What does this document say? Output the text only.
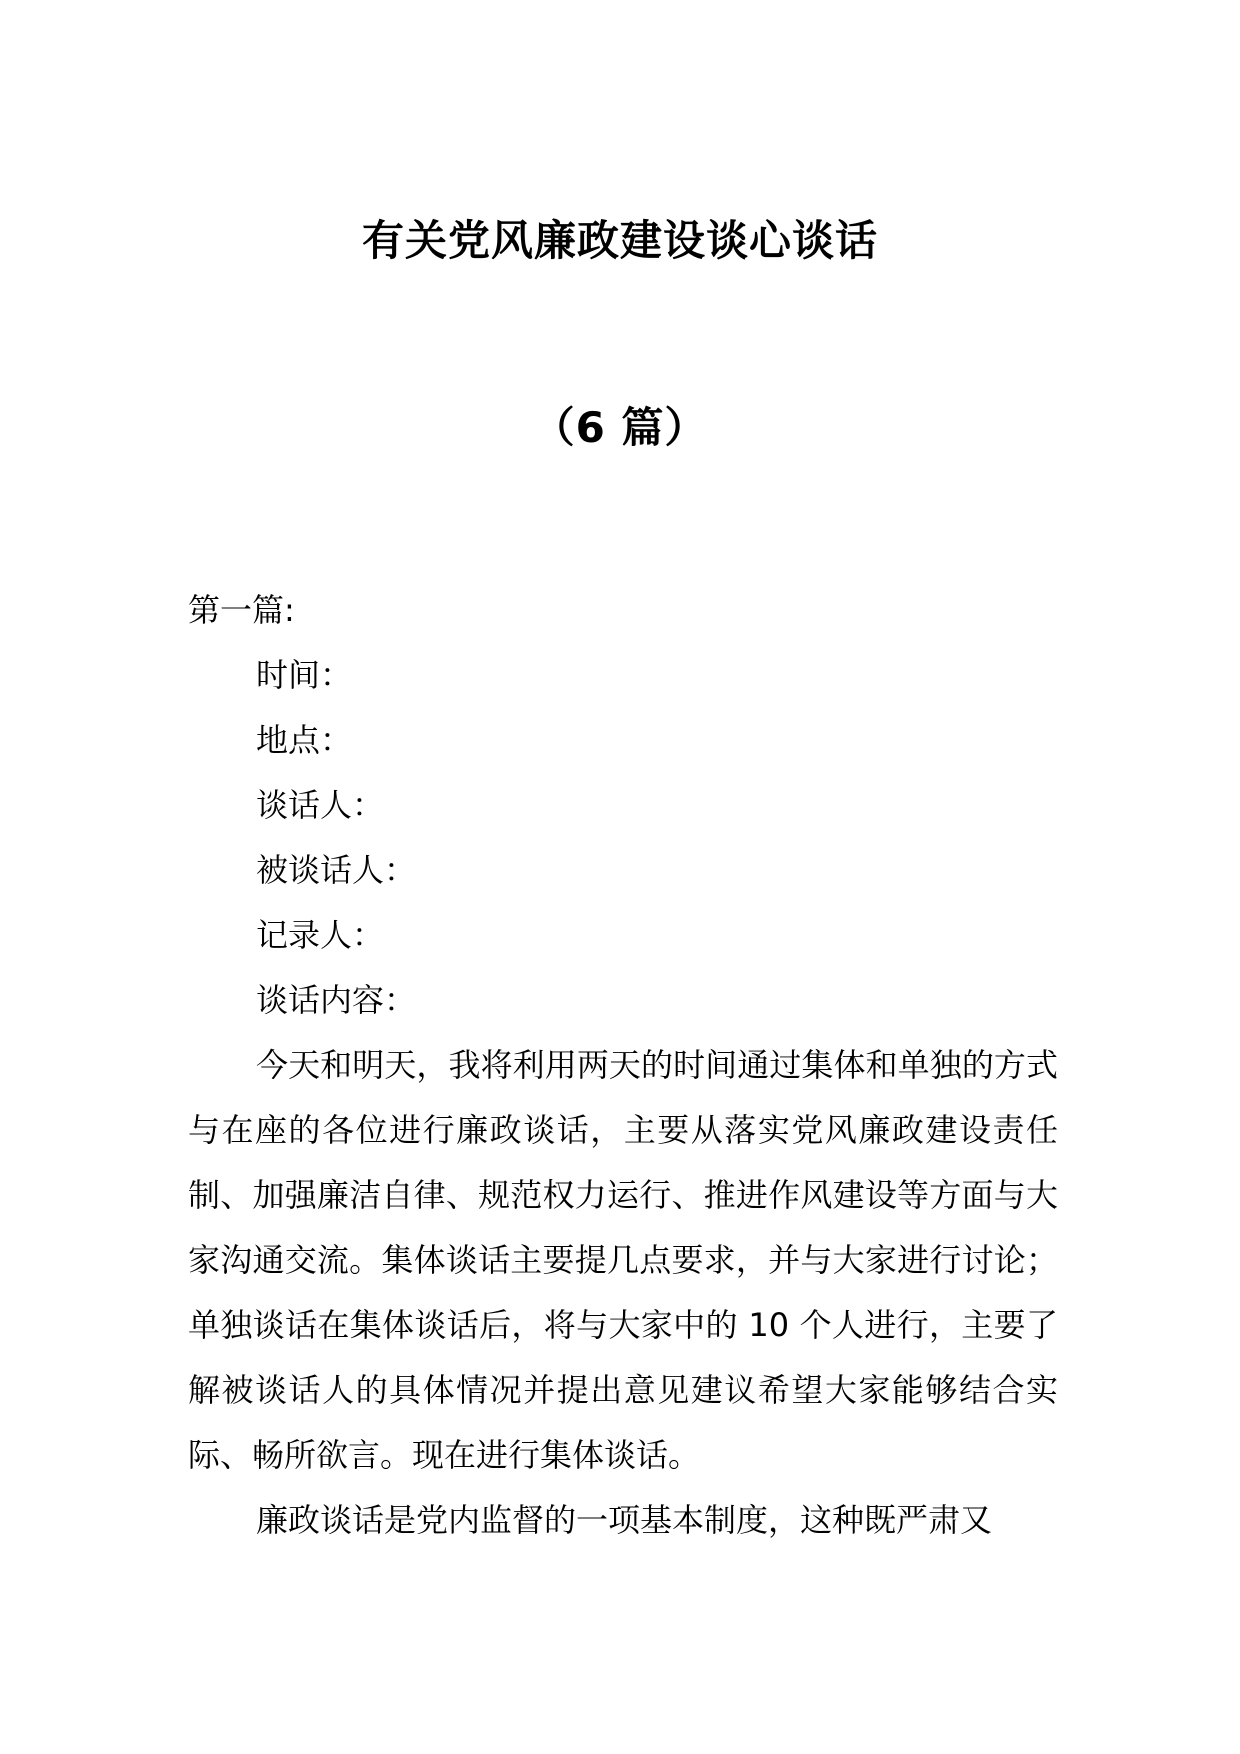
有关党风廉政建设谈心谈话
（6 篇）

第一篇:

时间：

地点：

谈话人：

被谈话人：

记录人：

谈话内容：

今天和明天，我将利用两天的时间通过集体和单独的方式与在座的各位进行廉政谈话，主要从落实党风廉政建设责任制、加强廉洁自律、规范权力运行、推进作风建设等方面与大家沟通交流。集体谈话主要提几点要求，并与大家进行讨论；单独谈话在集体谈话后，将与大家中的 10 个人进行，主要了解被谈话人的具体情况并提出意见建议希望大家能够结合实际、畅所欲言。现在进行集体谈话。

廉政谈话是党内监督的一项基本制度，这种既严肃又
